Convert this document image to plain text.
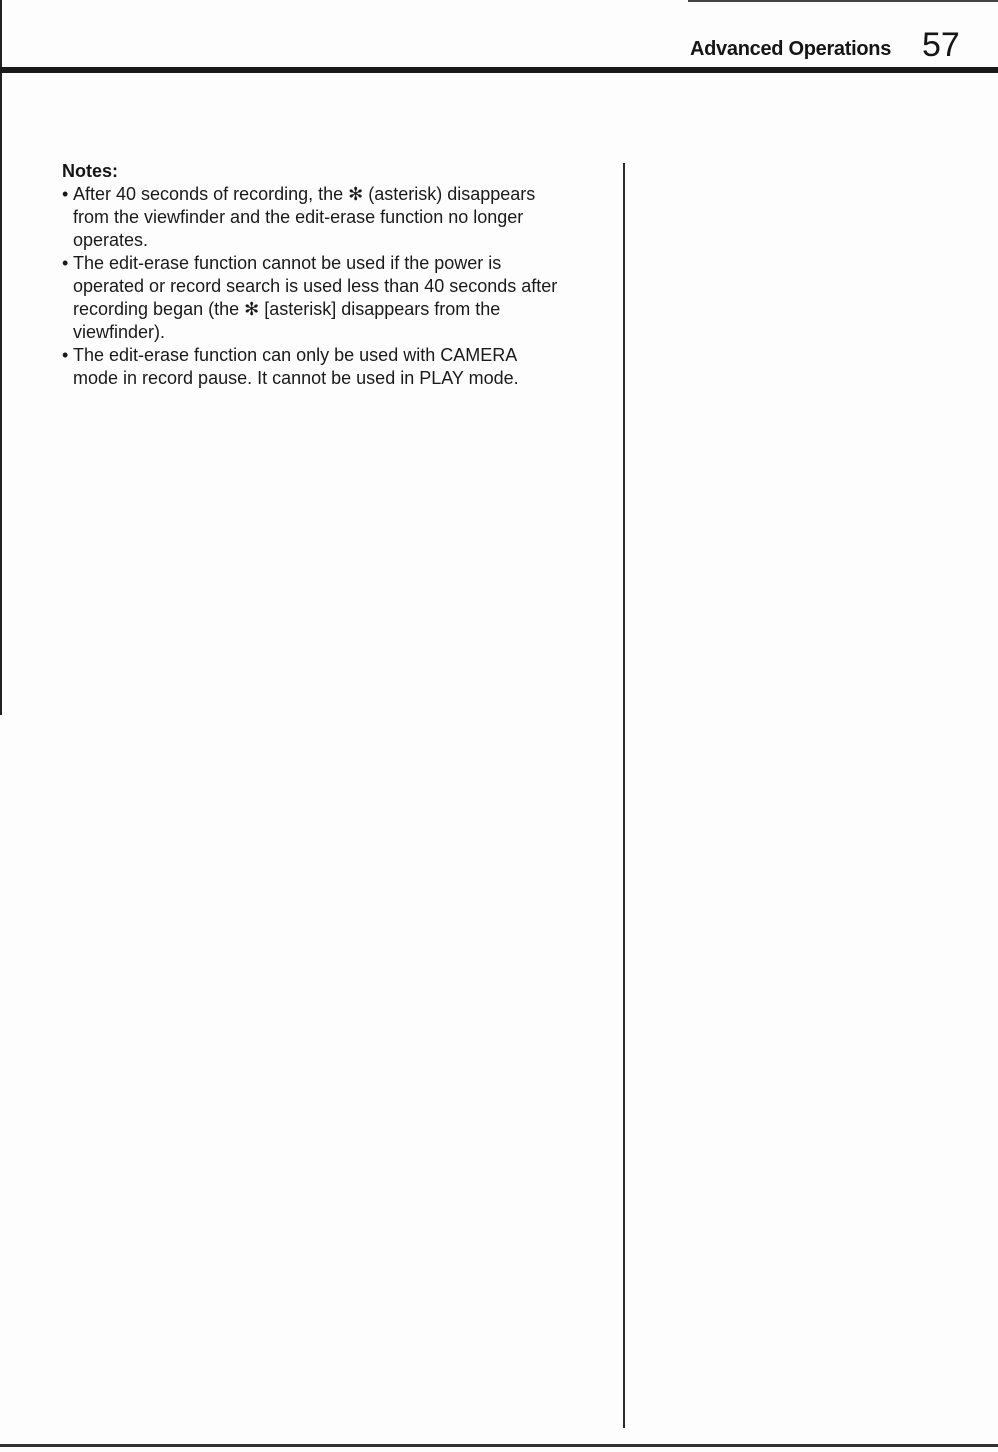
Advanced Operations 57

Notes:

• After 40 seconds of recording, the ✻ (asterisk) disappears
from the viewfinder and the edit-erase function no longer
operates.
• The edit-erase function cannot be used if the power is
operated or record search is used less than 40 seconds after
recording began (the ✻ [asterisk] disappears from the
viewfinder).
• The edit-erase function can only be used with CAMERA
mode in record pause. It cannot be used in PLAY mode.
